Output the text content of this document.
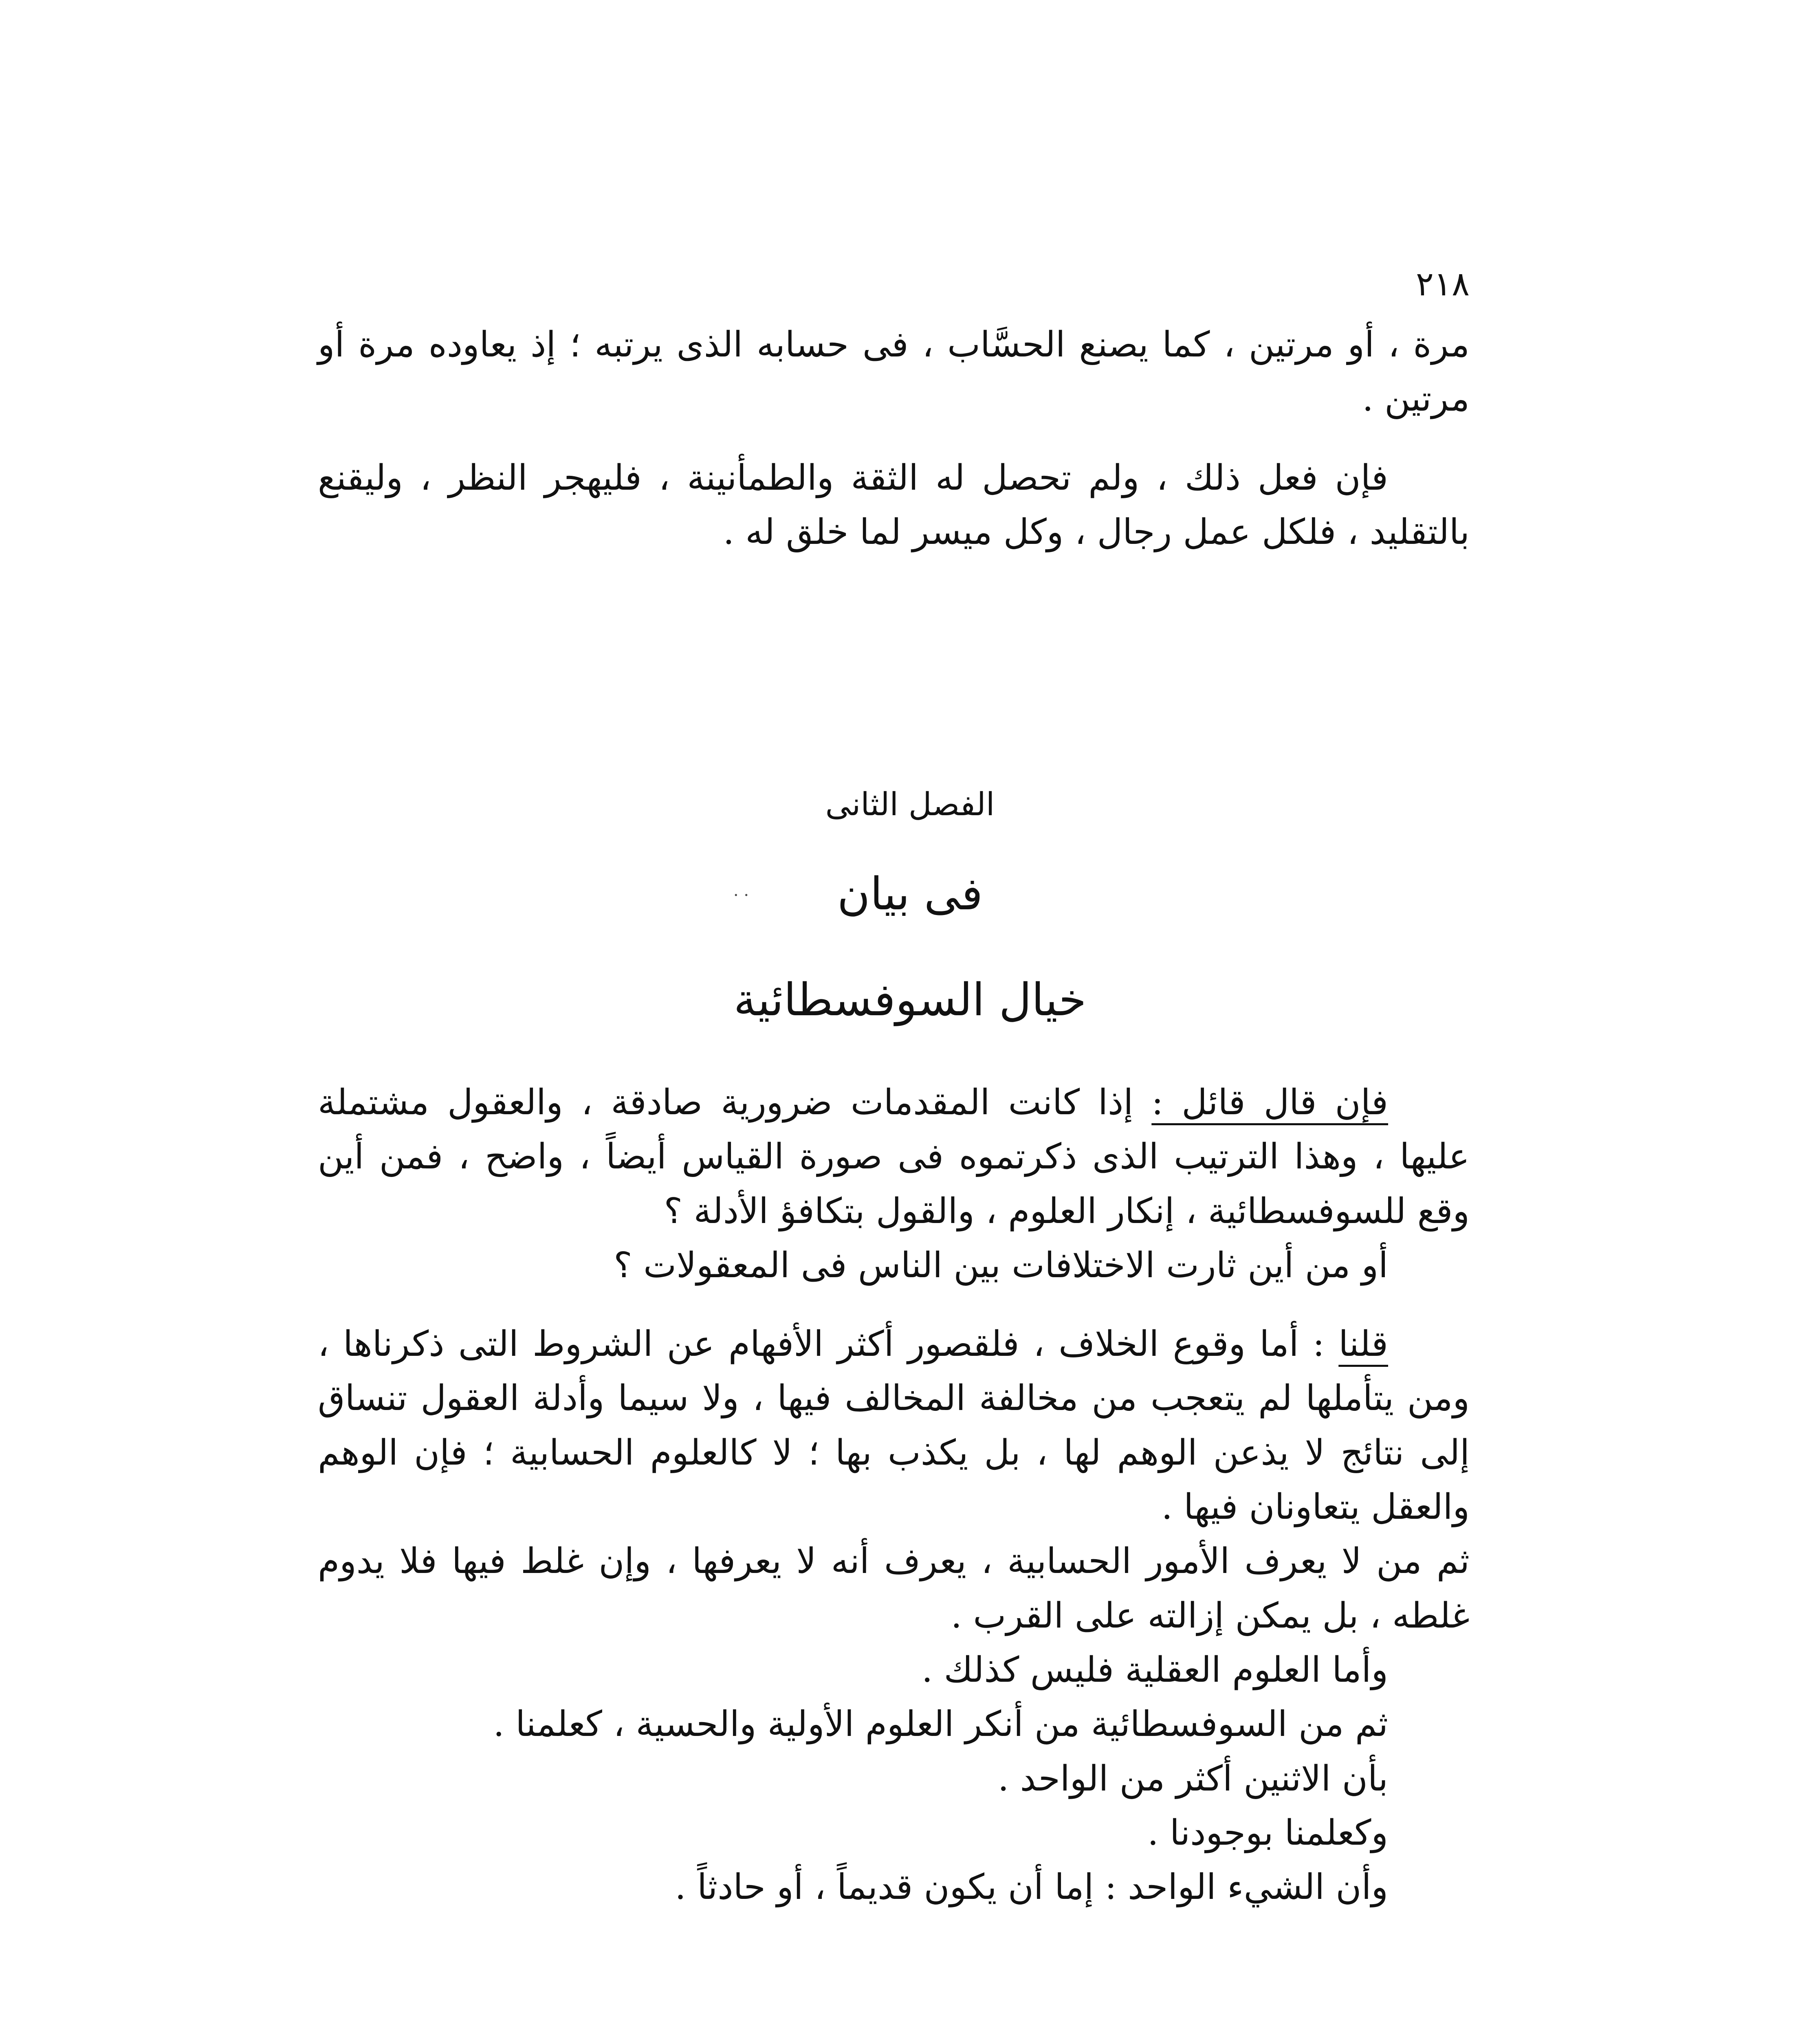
٢١٨

مرة ، أو مرتين ، كما يصنع الحسَّاب ، فى حسابه الذى يرتبه ؛ إذ يعاوده مرة أو مرتين .

فإن فعل ذلك ، ولم تحصل له الثقة والطمأنينة ، فليهجر النظر ، وليقنع بالتقليد ، فلكل عمل رجال ، وكل ميسر لما خلق له .

الفصل الثانى
· ·	فى بيان
خيال السوفسطائية

فإن قال قائل : إذا كانت المقدمات ضرورية صادقة ، والعقول مشتملة عليها ، وهذا الترتيب الذى ذكرتموه فى صورة القياس أيضاً ، واضح ، فمن أين وقع للسوفسطائية ، إنكار العلوم ، والقول بتكافؤ الأدلة ؟

أو من أين ثارت الاختلافات بين الناس فى المعقولات ؟

قلنا : أما وقوع الخلاف ، فلقصور أكثر الأفهام عن الشروط التى ذكرناها ، ومن يتأملها لم يتعجب من مخالفة المخالف فيها ، ولا سيما وأدلة العقول تنساق إلى نتائج لا يذعن الوهم لها ، بل يكذب بها ؛ لا كالعلوم الحسابية ؛ فإن الوهم والعقل يتعاونان فيها .

ثم من لا يعرف الأمور الحسابية ، يعرف أنه لا يعرفها ، وإن غلط فيها فلا يدوم غلطه ، بل يمكن إزالته على القرب .

وأما العلوم العقلية فليس كذلك .

ثم من السوفسطائية من أنكر العلوم الأولية والحسية ، كعلمنا .

بأن الاثنين أكثر من الواحد .

وكعلمنا بوجودنا .

وأن الشيء الواحد : إما أن يكون قديماً ، أو حادثاً .
